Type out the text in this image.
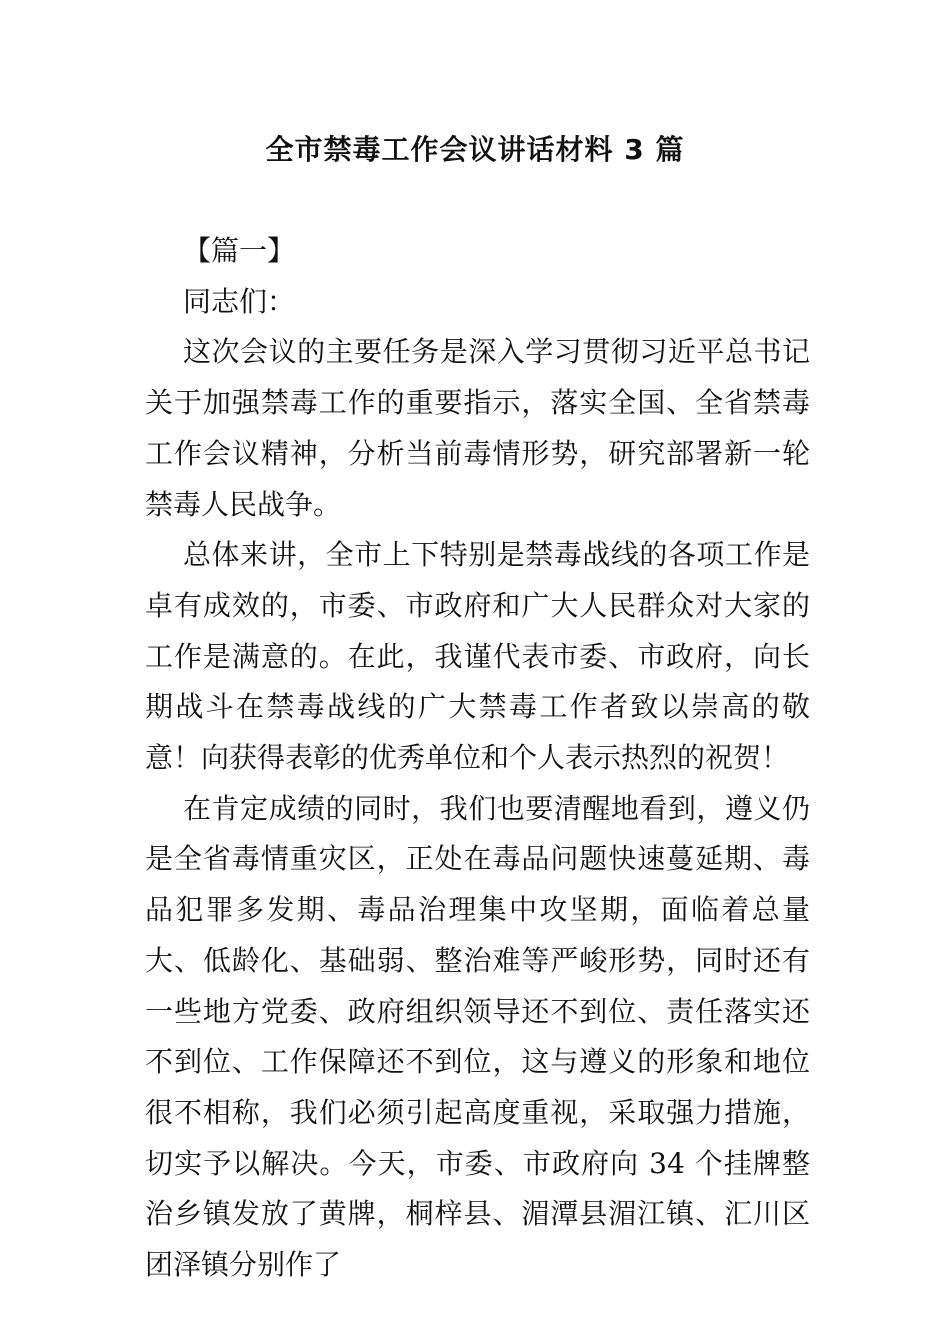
全市禁毒工作会议讲话材料 3 篇

【篇一】

同志们：

这次会议的主要任务是深入学习贯彻习近平总书记关于加强禁毒工作的重要指示，落实全国、全省禁毒工作会议精神，分析当前毒情形势，研究部署新一轮禁毒人民战争。

总体来讲，全市上下特别是禁毒战线的各项工作是卓有成效的，市委、市政府和广大人民群众对大家的工作是满意的。在此，我谨代表市委、市政府，向长期战斗在禁毒战线的广大禁毒工作者致以崇高的敬意！向获得表彰的优秀单位和个人表示热烈的祝贺！

在肯定成绩的同时，我们也要清醒地看到，遵义仍是全省毒情重灾区，正处在毒品问题快速蔓延期、毒品犯罪多发期、毒品治理集中攻坚期，面临着总量大、低龄化、基础弱、整治难等严峻形势，同时还有一些地方党委、政府组织领导还不到位、责任落实还不到位、工作保障还不到位，这与遵义的形象和地位很不相称，我们必须引起高度重视，采取强力措施，切实予以解决。今天，市委、市政府向 34 个挂牌整治乡镇发放了黄牌，桐梓县、湄潭县湄江镇、汇川区团泽镇分别作了
